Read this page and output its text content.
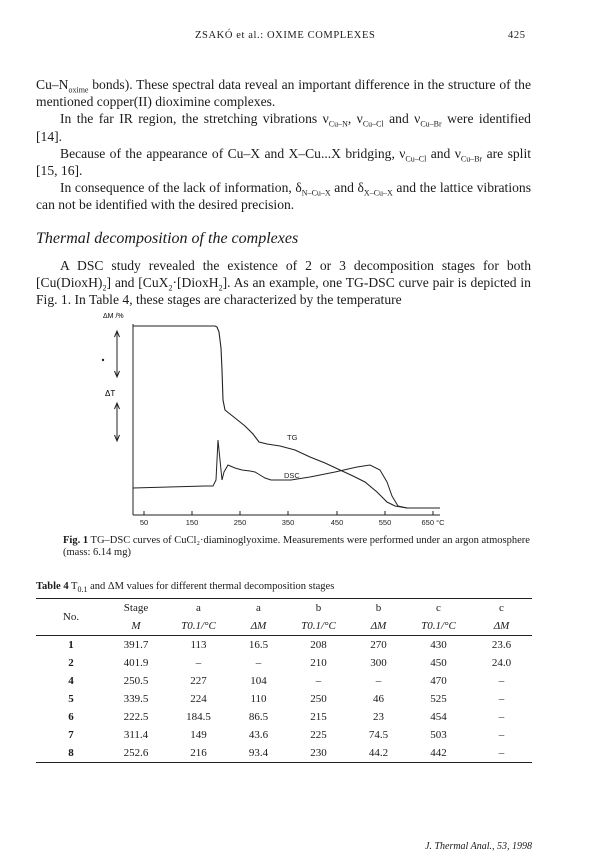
ZSAKÓ et al.: OXIME COMPLEXES	425

$Cu-N_{oxime}$ bonds). These spectral data reveal an important difference in the structure of the mentioned copper(II) dioximine complexes.

In the far IR region, the stretching vibrations $\nu_{Cu-N}$, $\nu_{Cu-Cl}$ and $\nu_{Cu-Br}$ were identified [14].

Because of the appearance of Cu–X and X–Cu...X bridging, $\nu_{Cu-Cl}$ and $\nu_{Cu-Br}$ are split [15, 16].

In consequence of the lack of information, $\delta_{N-Cu-X}$ and $\delta_{X-Cu-X}$ and the lattice vibrations can not be identified with the desired precision.

Thermal decomposition of the complexes

A DSC study revealed the existence of 2 or 3 decomposition stages for both $[Cu(DioxH)_2]$ and [CuX$_2$·[DioxH$_2$]. As an example, one TG-DSC curve pair is depicted in Fig. 1. In Table 4, these stages are characterized by the temperature

ΔM /%
ΔT
50	150	250	350	450	550	650 °C
TG
DSC
Fig. 1 TG–DSC curves of CuCl₂·diaminoglyoxime. Measurements were performed under an argon atmosphere (mass: 6.14 mg)
Table 4 $T_{0.1}$ and ΔM values for different thermal decomposition stages
No.	Stage	a	a	b	b	c	c
	M	T0.1/°C	ΔM	T0.1/°C	ΔM	T0.1/°C	ΔM
1	391.7	113	16.5	208	270	430	23.6
2	401.9	–	–	210	300	450	24.0
4	250.5	227	104	–	–	470	–
5	339.5	224	110	250	46	525	–
6	222.5	184.5	86.5	215	23	454	–
7	311.4	149	43.6	225	74.5	503	–
8	252.6	216	93.4	230	44.2	442	–
J. Thermal Anal., 53, 1998
